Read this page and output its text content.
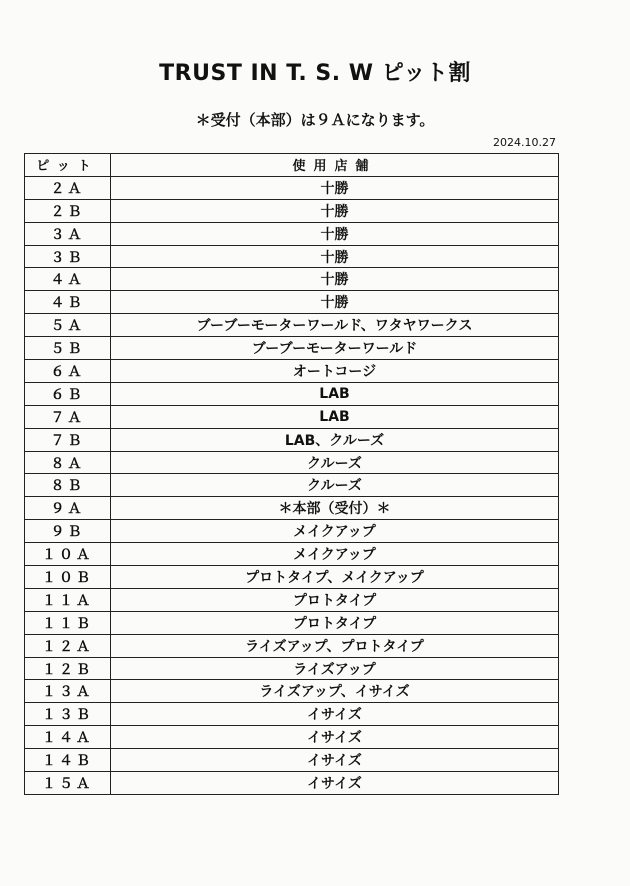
TRUST IN T. S. W ピット割
＊受付（本部）は９Ａになります。
2024.10.27
ピット	使用店舗
２Ａ	十勝
２Ｂ	十勝
３Ａ	十勝
３Ｂ	十勝
４Ａ	十勝
４Ｂ	十勝
５Ａ	ブーブーモーターワールド、ワタヤワークス
５Ｂ	ブーブーモーターワールド
６Ａ	オートコージ
６Ｂ	LAB
７Ａ	LAB
７Ｂ	LAB、クルーズ
８Ａ	クルーズ
８Ｂ	クルーズ
９Ａ	＊本部（受付）＊
９Ｂ	メイクアップ
１０Ａ	メイクアップ
１０Ｂ	プロトタイプ、メイクアップ
１１Ａ	プロトタイプ
１１Ｂ	プロトタイプ
１２Ａ	ライズアップ、プロトタイプ
１２Ｂ	ライズアップ
１３Ａ	ライズアップ、イサイズ
１３Ｂ	イサイズ
１４Ａ	イサイズ
１４Ｂ	イサイズ
１５Ａ	イサイズ
